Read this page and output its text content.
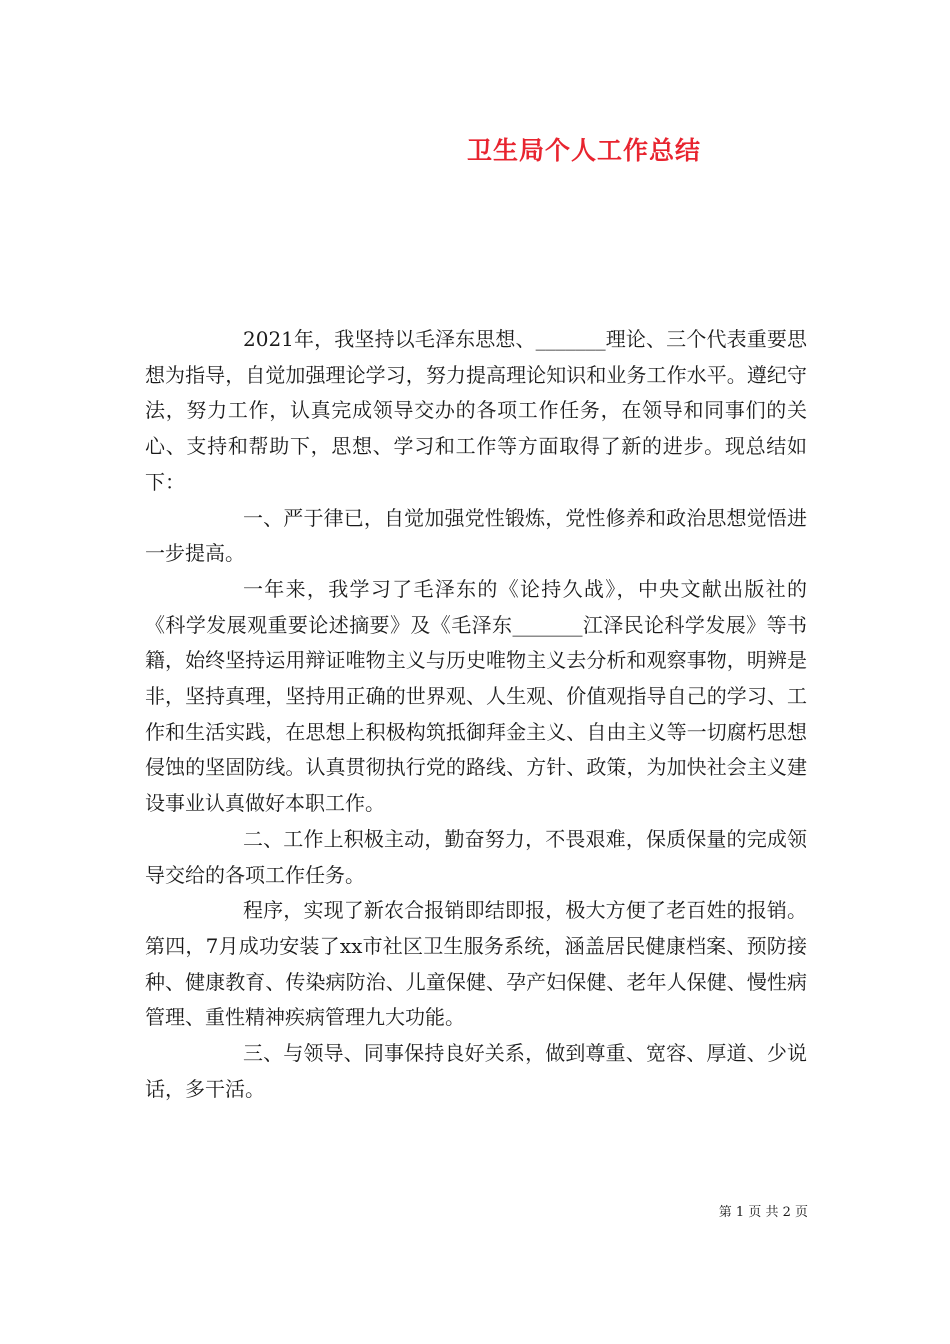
卫生局个人工作总结

2021年，我坚持以毛泽东思想、_______理论、三个代表重要思想为指导，自觉加强理论学习，努力提高理论知识和业务工作水平。遵纪守法，努力工作，认真完成领导交办的各项工作任务，在领导和同事们的关心、支持和帮助下，思想、学习和工作等方面取得了新的进步。现总结如下：

一、严于律已，自觉加强党性锻炼，党性修养和政治思想觉悟进一步提高。

一年来，我学习了毛泽东的《论持久战》，中央文献出版社的《科学发展观重要论述摘要》及《毛泽东_______江泽民论科学发展》等书籍，始终坚持运用辩证唯物主义与历史唯物主义去分析和观察事物，明辨是非，坚持真理，坚持用正确的世界观、人生观、价值观指导自己的学习、工作和生活实践，在思想上积极构筑抵御拜金主义、自由主义等一切腐朽思想侵蚀的坚固防线。认真贯彻执行党的路线、方针、政策，为加快社会主义建设事业认真做好本职工作。

二、工作上积极主动，勤奋努力，不畏艰难，保质保量的完成领导交给的各项工作任务。

程序，实现了新农合报销即结即报，极大方便了老百姓的报销。第四，7月成功安装了xx市社区卫生服务系统，涵盖居民健康档案、预防接种、健康教育、传染病防治、儿童保健、孕产妇保健、老年人保健、慢性病管理、重性精神疾病管理九大功能。

三、与领导、同事保持良好关系，做到尊重、宽容、厚道、少说话，多干活。

第 1 页 共 2 页
